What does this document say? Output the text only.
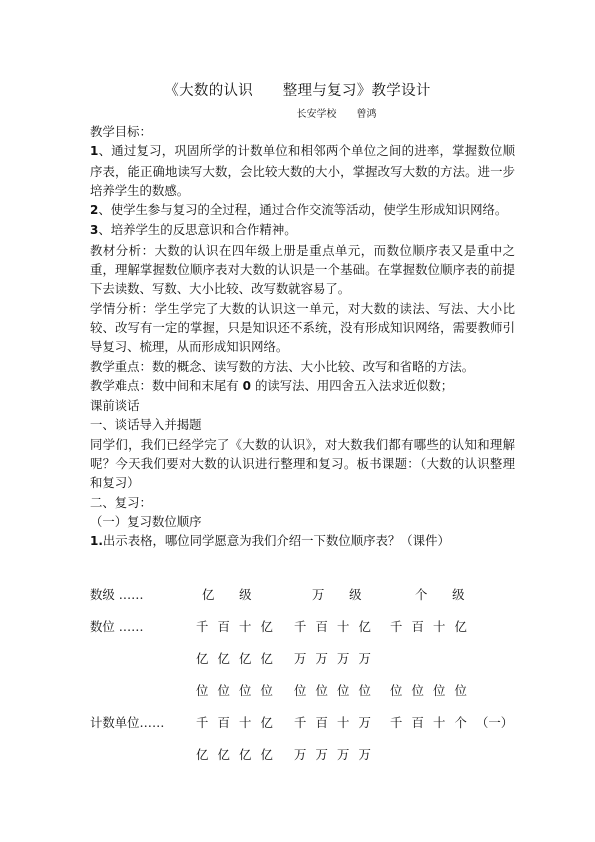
《大数的认识　　整理与复习》教学设计
长安学校　　曾鸿

教学目标：

1、通过复习，巩固所学的计数单位和相邻两个单位之间的进率，掌握数位顺序表，能正确地读写大数，会比较大数的大小，掌握改写大数的方法。进一步培养学生的数感。

2、使学生参与复习的全过程，通过合作交流等活动，使学生形成知识网络。

3、培养学生的反思意识和合作精神。

教材分析：大数的认识在四年级上册是重点单元，而数位顺序表又是重中之重，理解掌握数位顺序表对大数的认识是一个基础。在掌握数位顺序表的前提下去读数、写数、大小比较、改写数就容易了。

学情分析：学生学完了大数的认识这一单元，对大数的读法、写法、大小比较、改写有一定的掌握，只是知识还不系统，没有形成知识网络，需要教师引导复习、梳理，从而形成知识网络。

教学重点：数的概念、读写数的方法、大小比较、改写和省略的方法。

教学难点：数中间和末尾有 0 的读写法、用四舍五入法求近似数；

课前谈话

一、谈话导入并揭题

同学们，我们已经学完了《大数的认识》，对大数我们都有哪些的认知和理解呢？今天我们要对大数的认识进行整理和复习。板书课题：（大数的认识整理和复习）

二、复习：

（一）复习数位顺序

1.出示表格，哪位同学愿意为我们介绍一下数位顺序表？（课件）

数级 ……	亿　　级	万　　级	个　　级
数位 ……	千 百 十 亿	千 百 十 亿	千 百 十 亿
亿 亿 亿 亿	万 万 万 万
位 位 位 位	位 位 位 位	位 位 位 位
计数单位……	千 百 十 亿	千 百 十 万	千 百 十 个 （一）
亿 亿 亿 亿	万 万 万 万
